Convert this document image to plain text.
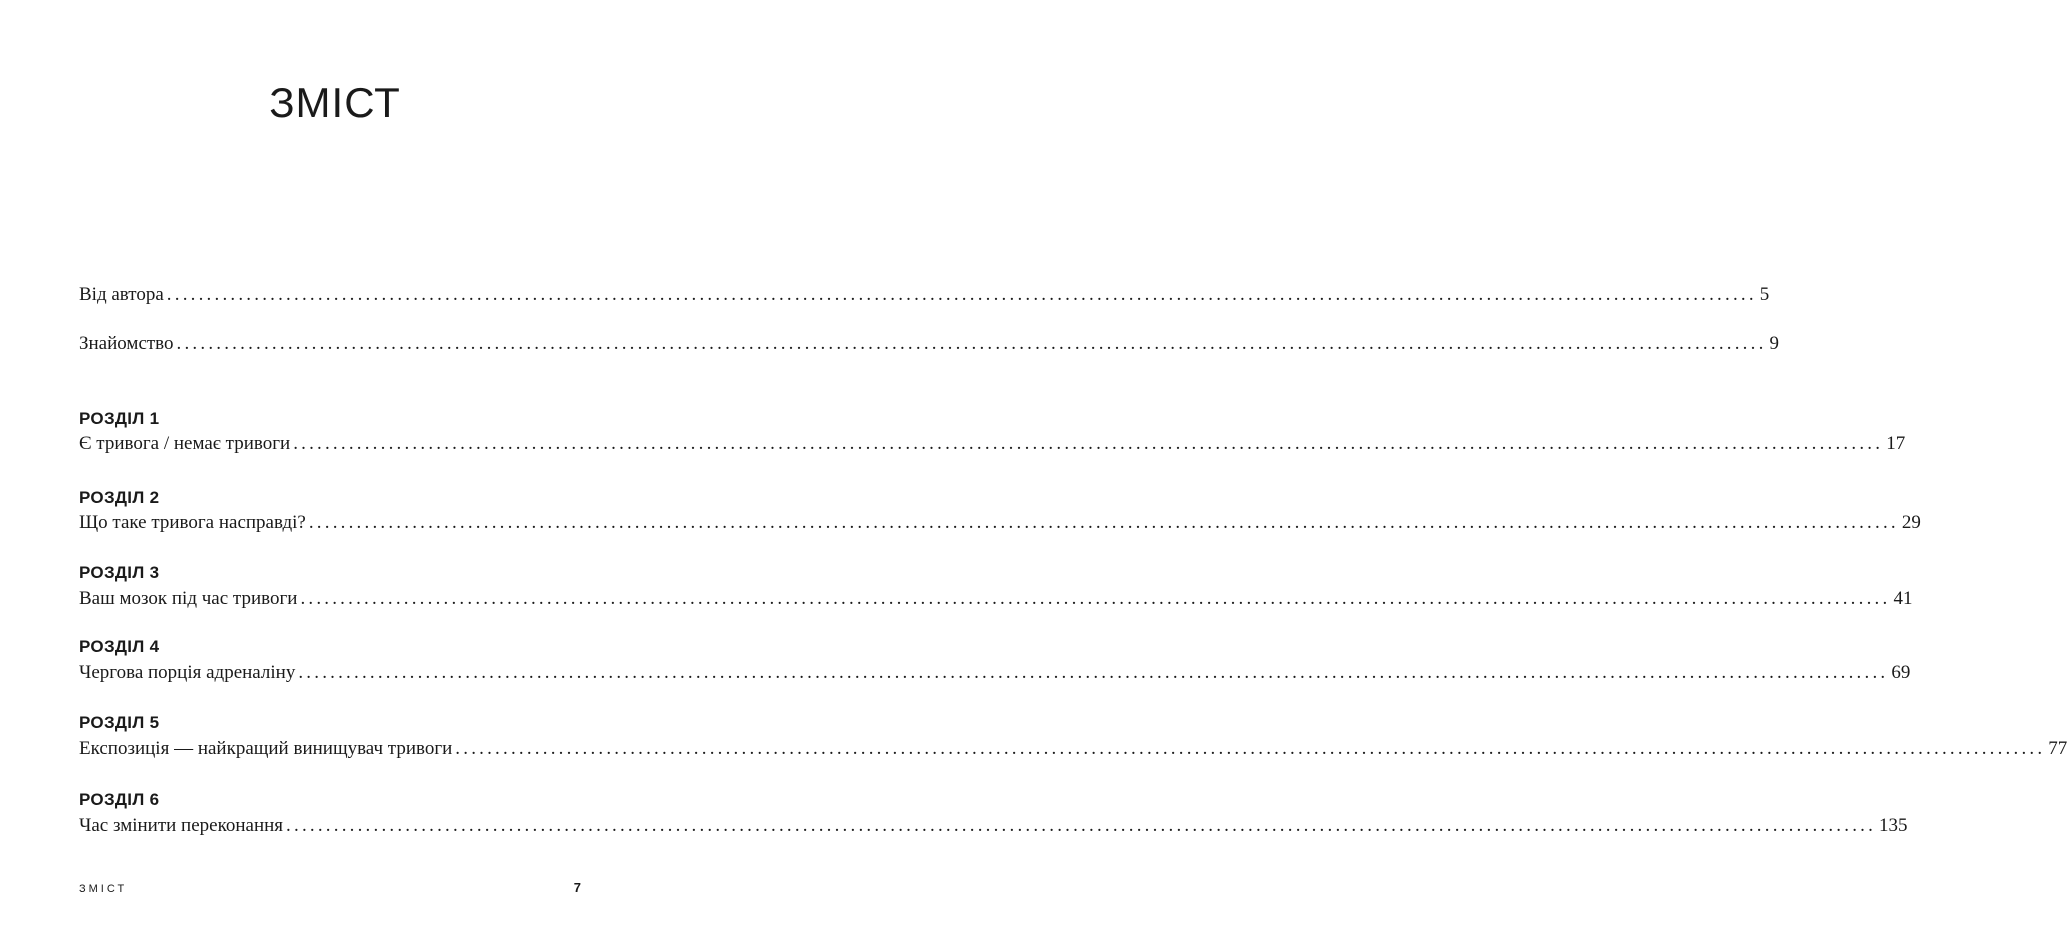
ЗМІСТ
Від автора ........................................................................................................................................................................................................ 5
Знайомство ........................................................................................................................................................................................................ 9
РОЗДІЛ 1
Є тривога / немає тривоги ........................................................................................................................................................................................................ 17
РОЗДІЛ 2
Що таке тривога насправді? ........................................................................................................................................................................................................ 29
РОЗДІЛ 3
Ваш мозок під час тривоги ........................................................................................................................................................................................................ 41
РОЗДІЛ 4
Чергова порція адреналіну ........................................................................................................................................................................................................ 69
РОЗДІЛ 5
Експозиція — найкращий винищувач тривоги ........................................................................................................................................................................................................ 77
РОЗДІЛ 6
Час змінити переконання ........................................................................................................................................................................................................ 135
ЗМІСТ	7
